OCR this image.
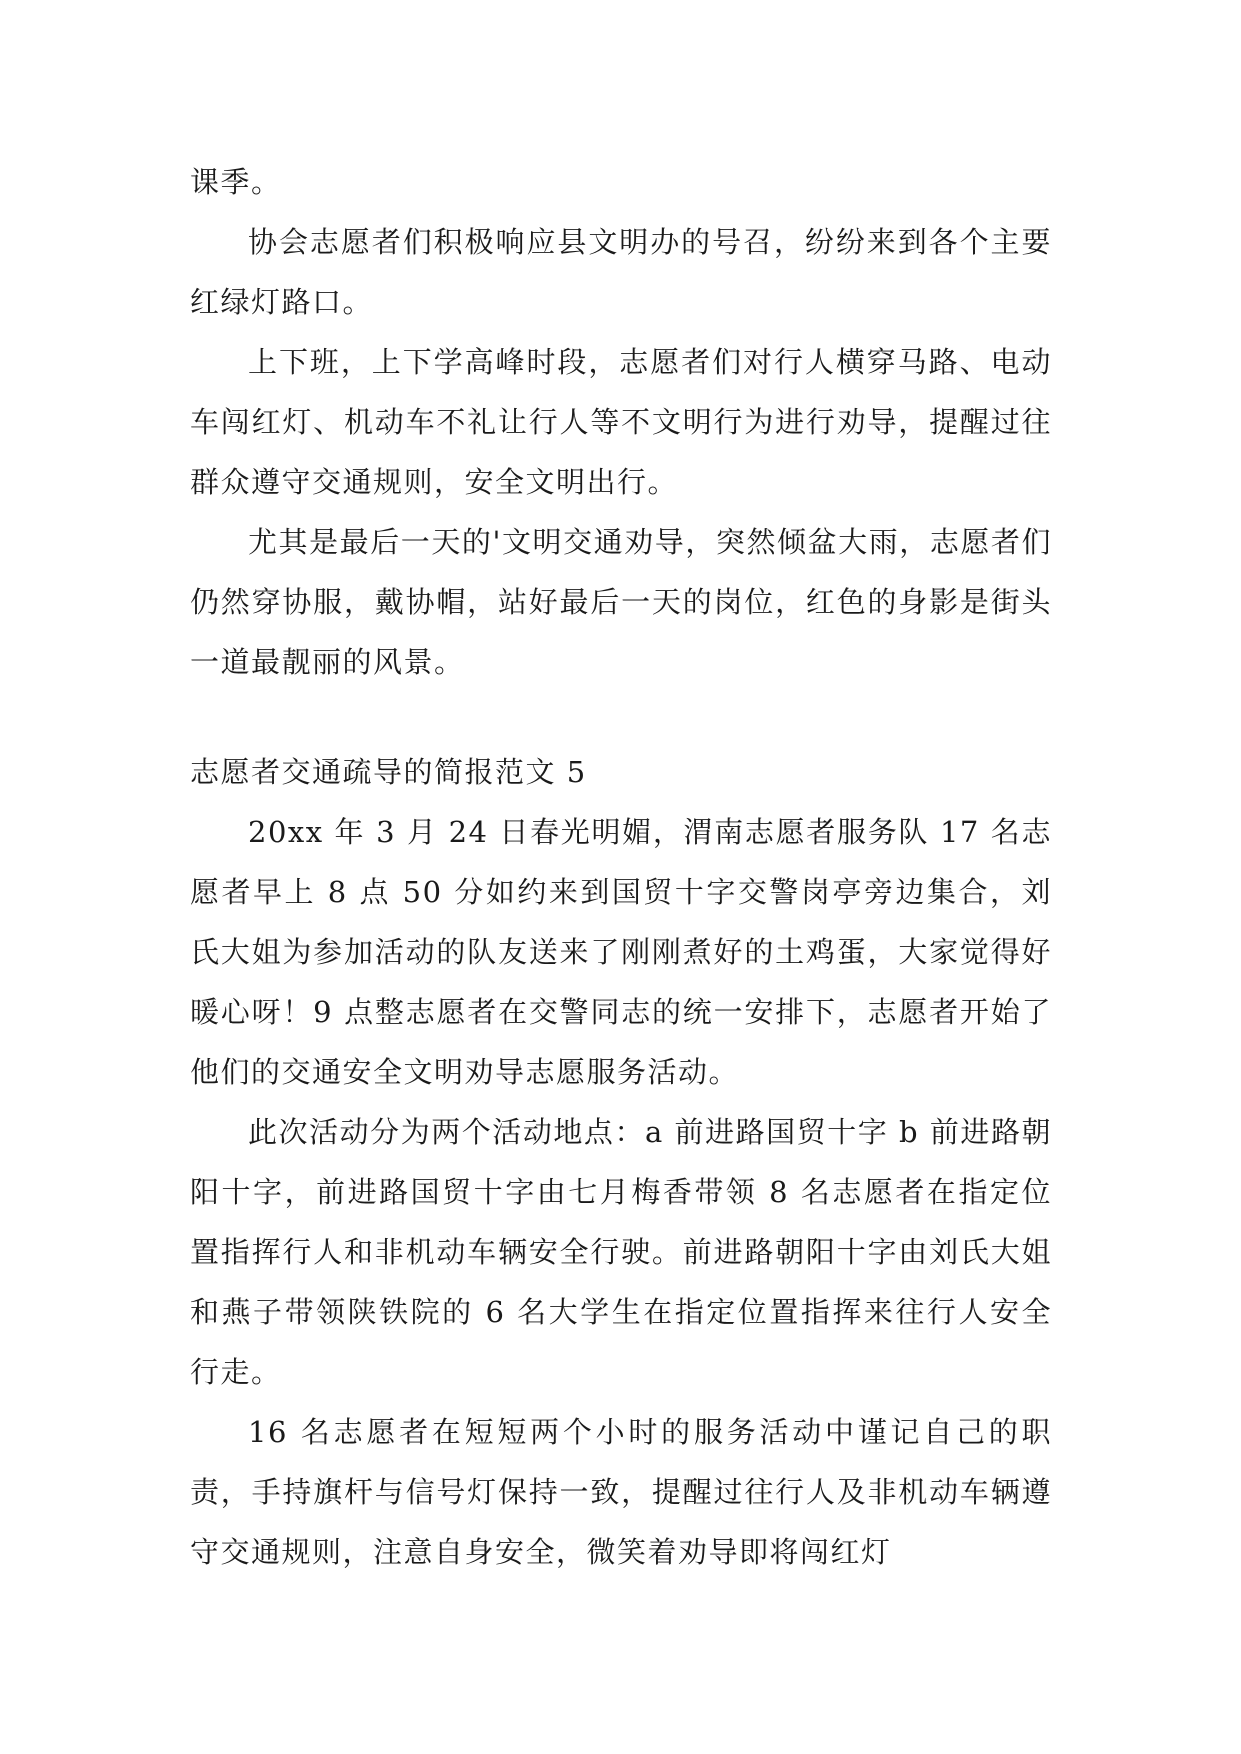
课季。

协会志愿者们积极响应县文明办的号召，纷纷来到各个主要红绿灯路口。

上下班，上下学高峰时段，志愿者们对行人横穿马路、电动车闯红灯、机动车不礼让行人等不文明行为进行劝导，提醒过往群众遵守交通规则，安全文明出行。

尤其是最后一天的'文明交通劝导，突然倾盆大雨，志愿者们仍然穿协服，戴协帽，站好最后一天的岗位，红色的身影是街头一道最靓丽的风景。

志愿者交通疏导的简报范文 5

20xx 年 3 月 24 日春光明媚，渭南志愿者服务队 17 名志愿者早上 8 点 50 分如约来到国贸十字交警岗亭旁边集合，刘氏大姐为参加活动的队友送来了刚刚煮好的土鸡蛋，大家觉得好暖心呀！9 点整志愿者在交警同志的统一安排下，志愿者开始了他们的交通安全文明劝导志愿服务活动。

此次活动分为两个活动地点：a 前进路国贸十字 b 前进路朝阳十字，前进路国贸十字由七月梅香带领 8 名志愿者在指定位置指挥行人和非机动车辆安全行驶。前进路朝阳十字由刘氏大姐和燕子带领陕铁院的 6 名大学生在指定位置指挥来往行人安全行走。

16 名志愿者在短短两个小时的服务活动中谨记自己的职责，手持旗杆与信号灯保持一致，提醒过往行人及非机动车辆遵守交通规则，注意自身安全，微笑着劝导即将闯红灯
